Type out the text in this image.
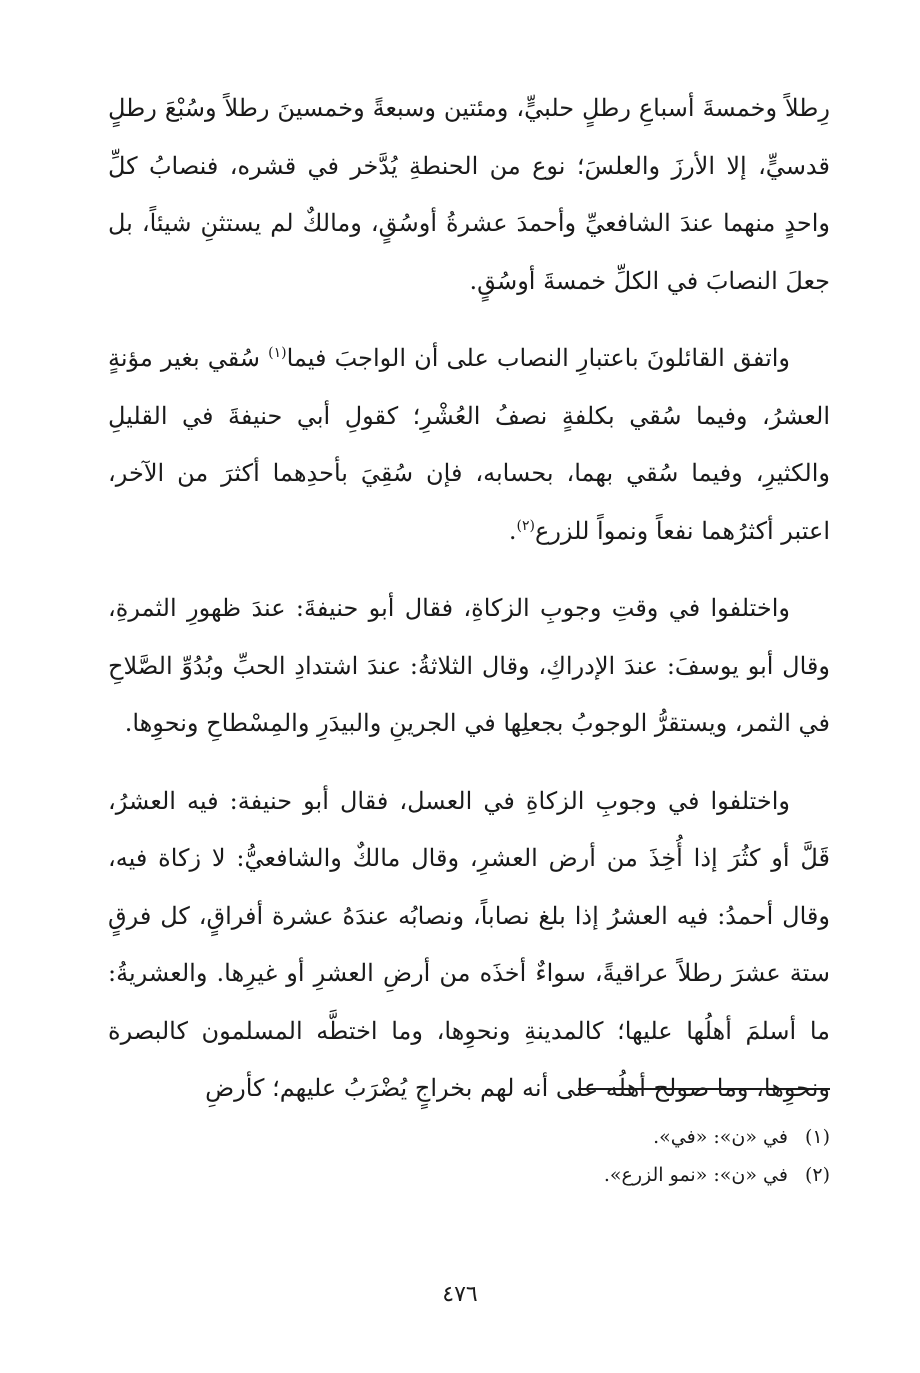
رِطلاً وخمسةَ أسباعِ رطلٍ حلبيٍّ، ومئتين وسبعةً وخمسينَ رطلاً وسُبْعَ رطلٍ قدسيٍّ، إلا الأرزَ والعلسَ؛ نوع من الحنطةِ يُدَّخر في قشره، فنصابُ كلِّ واحدٍ منهما عندَ الشافعيِّ وأحمدَ عشرةُ أوسُقٍ، ومالكٌ لم يستثنِ شيئاً، بل جعلَ النصابَ في الكلِّ خمسةَ أوسُقٍ.

واتفق القائلونَ باعتبارِ النصاب على أن الواجبَ فيما$^{(١)}$ سُقي بغير مؤنةٍ العشرُ، وفيما سُقي بكلفةٍ نصفُ العُشْرِ؛ كقولِ أبي حنيفةَ في القليلِ والكثيرِ، وفيما سُقي بهما، بحسابه، فإن سُقِيَ بأحدِهما أكثرَ من الآخر، اعتبر أكثرُهما نفعاً ونمواً للزرع$^{(٢)}$.

واختلفوا في وقتِ وجوبِ الزكاةِ، فقال أبو حنيفةَ: عندَ ظهورِ الثمرةِ، وقال أبو يوسفَ: عندَ الإدراكِ، وقال الثلاثةُ: عندَ اشتدادِ الحبِّ وبُدُوِّ الصَّلاحِ في الثمر، ويستقرُّ الوجوبُ بجعلِها في الجرينِ والبيدَرِ والمِسْطاحِ ونحوِها.

واختلفوا في وجوبِ الزكاةِ في العسل، فقال أبو حنيفة: فيه العشرُ، قَلَّ أو كثُرَ إذا أُخِذَ من أرض العشرِ، وقال مالكٌ والشافعيُّ: لا زكاة فيه، وقال أحمدُ: فيه العشرُ إذا بلغ نصاباً، ونصابُه عندَهُ عشرة أفراقٍ، كل فرقٍ ستة عشرَ رطلاً عراقيةً، سواءٌ أخذَه من أرضِ العشرِ أو غيرِها. والعشريةُ: ما أسلمَ أهلُها عليها؛ كالمدينةِ ونحوِها، وما اختطَّه المسلمون كالبصرة ونحوِها، وما صولح أهلُه على أنه لهم بخراجٍ يُضْرَبُ عليهم؛ كأرضِ

(١) في «ن»: «في».
(٢) في «ن»: «نمو الزرع».
٤٧٦
